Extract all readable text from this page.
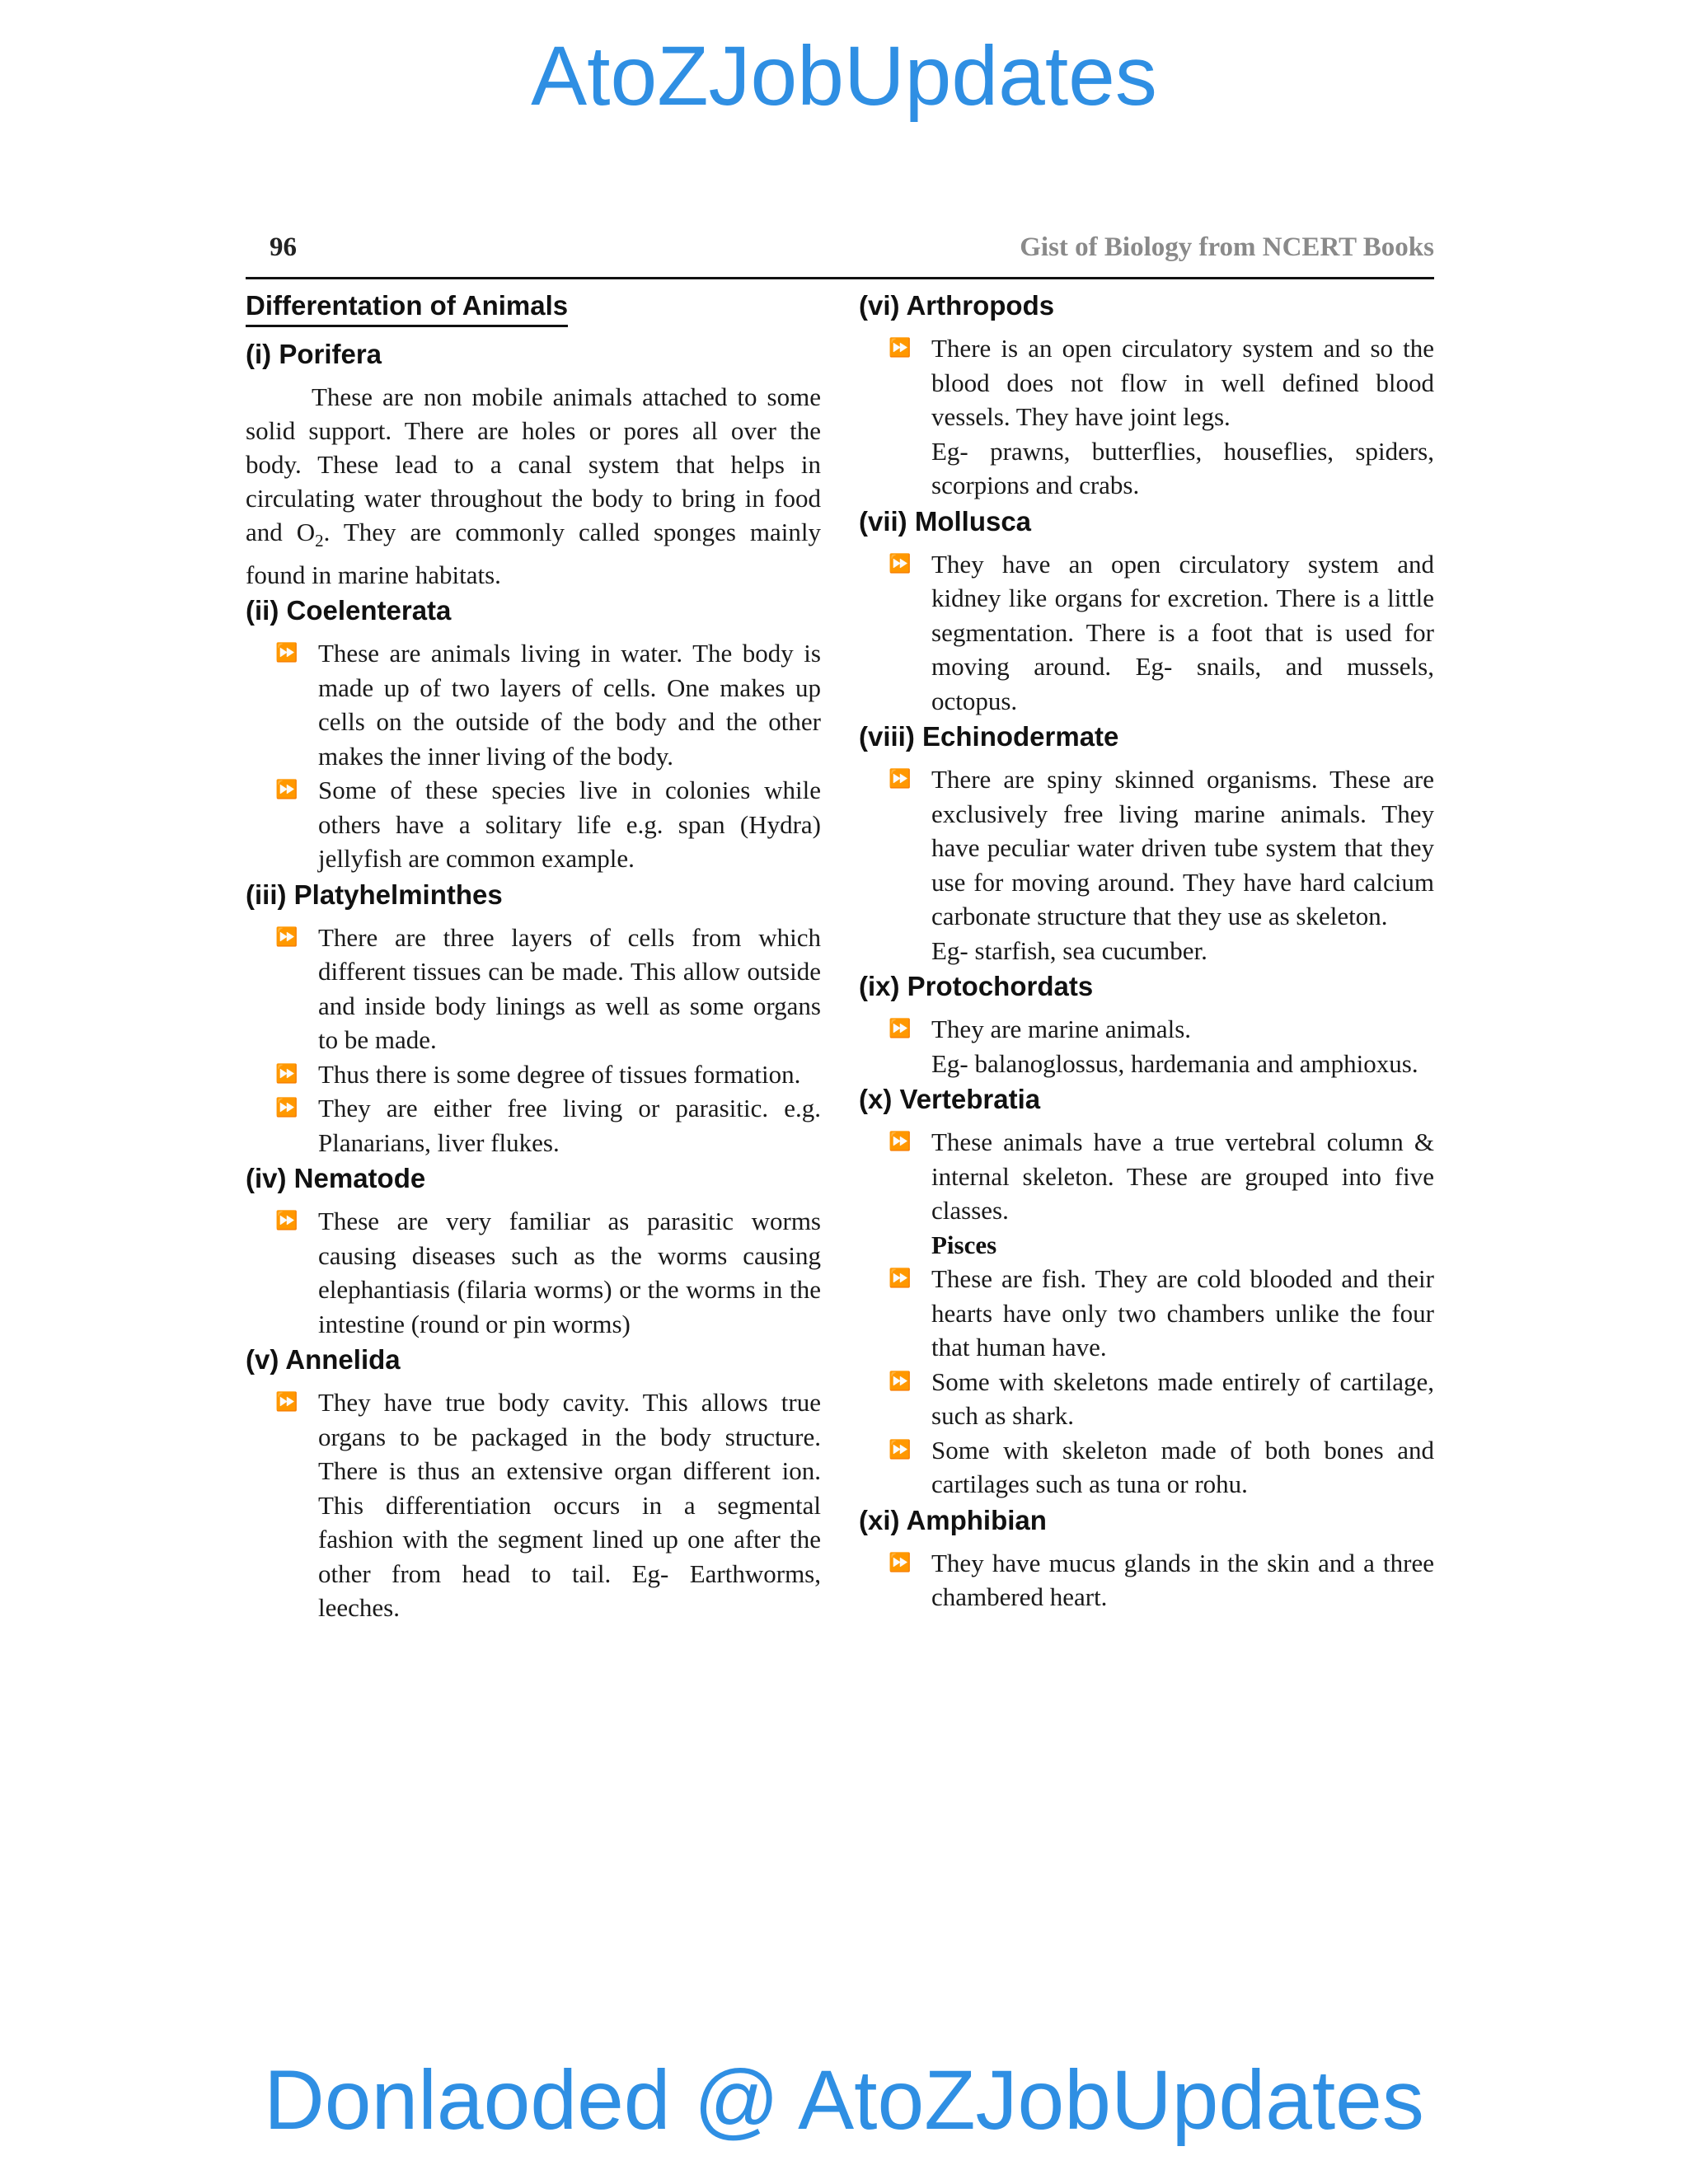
AtoZJobUpdates
96	Gist of Biology from NCERT Books
Differentation of Animals
(i) Porifera

These are non mobile animals attached to some solid support. There are holes or pores all over the body. These lead to a canal system that helps in circulating water throughout the body to bring in food and $O_2$. They are commonly called sponges mainly found in marine habitats.

(ii) Coelenterata
⏩ These are animals living in water. The body is made up of two layers of cells. One makes up cells on the outside of the body and the other makes the inner living of the body.
⏩ Some of these species live in colonies while others have a solitary life e.g. span (Hydra) jellyfish are common example.
(iii) Platyhelminthes
⏩ There are three layers of cells from which different tissues can be made. This allow outside and inside body linings as well as some organs to be made.
⏩ Thus there is some degree of tissues formation.
⏩ They are either free living or parasitic. e.g. Planarians, liver flukes.
(iv) Nematode
⏩ These are very familiar as parasitic worms causing diseases such as the worms causing elephantiasis (filaria worms) or the worms in the intestine (round or pin worms)
(v) Annelida
⏩ They have true body cavity. This allows true organs to be packaged in the body structure. There is thus an extensive organ different ion. This differentiation occurs in a segmental fashion with the segment lined up one after the other from head to tail. Eg- Earthworms, leeches.
(vi) Arthropods
⏩ There is an open circulatory system and so the blood does not flow in well defined blood vessels. They have joint legs.
Eg- prawns, butterflies, houseflies, spiders, scorpions and crabs.
(vii) Mollusca
⏩ They have an open circulatory system and kidney like organs for excretion. There is a little segmentation. There is a foot that is used for moving around. Eg- snails, and mussels, octopus.
(viii) Echinodermate
⏩ There are spiny skinned organisms. These are exclusively free living marine animals. They have peculiar water driven tube system that they use for moving around. They have hard calcium carbonate structure that they use as skeleton.
Eg- starfish, sea cucumber.
(ix) Protochordats
⏩ They are marine animals.
Eg- balanoglossus, hardemania and amphioxus.
(x) Vertebratia
⏩ These animals have a true vertebral column & internal skeleton. These are grouped into five classes.
Pisces
⏩ These are fish. They are cold blooded and their hearts have only two chambers unlike the four that human have.
⏩ Some with skeletons made entirely of cartilage, such as shark.
⏩ Some with skeleton made of both bones and cartilages such as tuna or rohu.
(xi) Amphibian
⏩ They have mucus glands in the skin and a three chambered heart.
Donlaoded @ AtoZJobUpdates
